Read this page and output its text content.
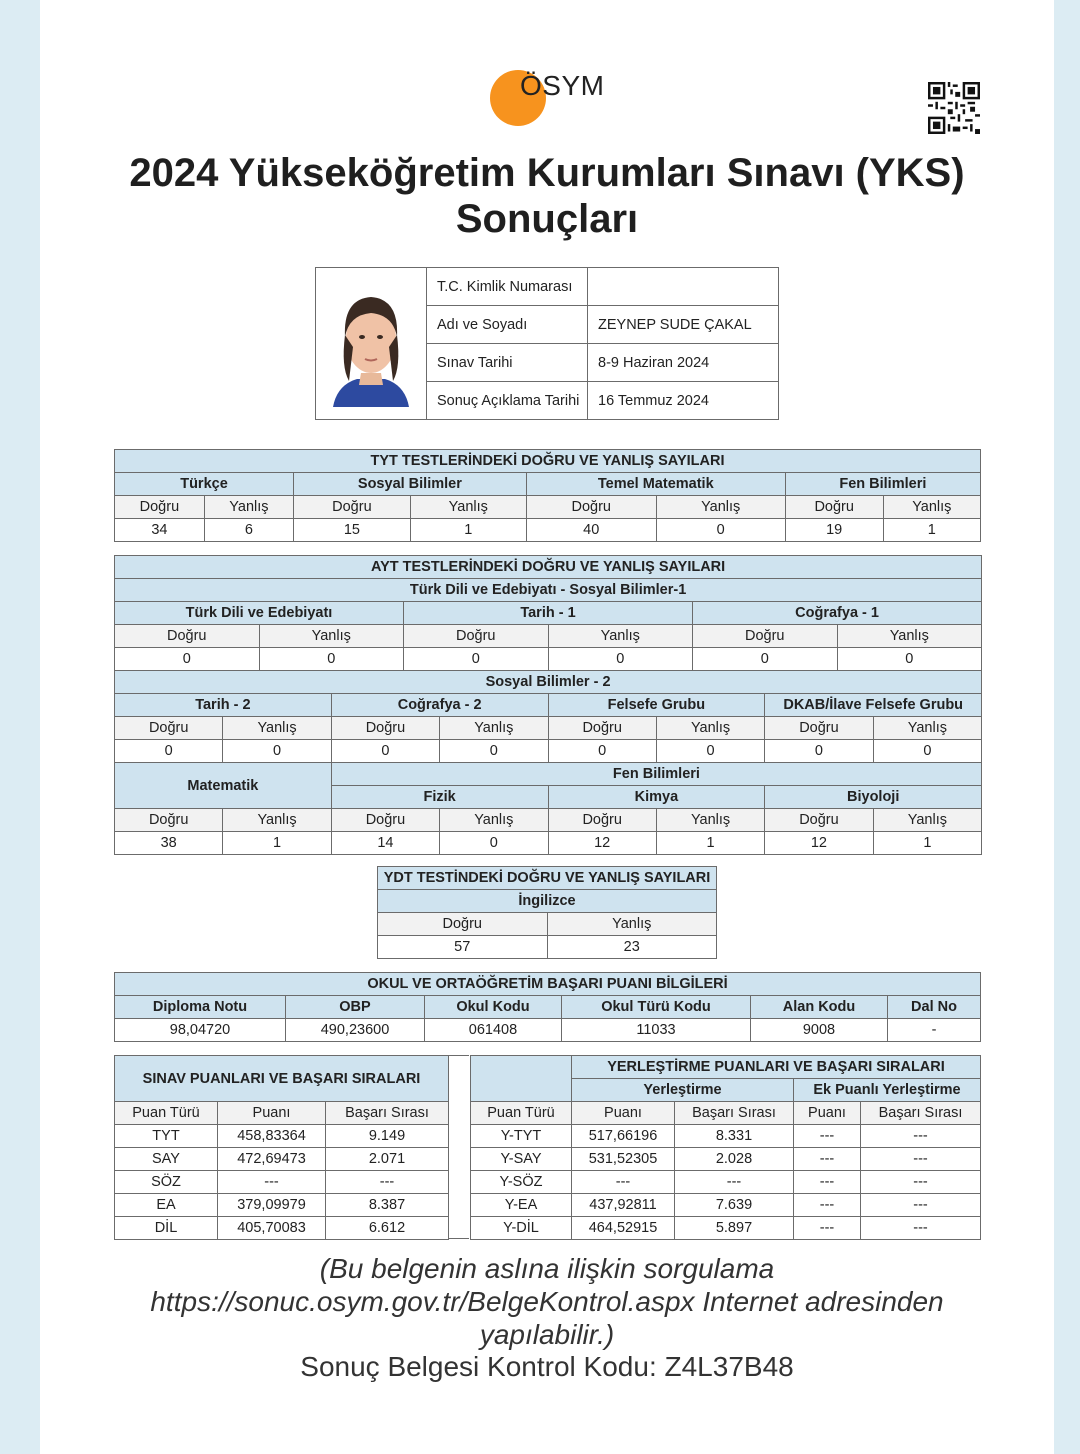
ÖSYM
2024 Yükseköğretim Kurumları Sınavı (YKS)
Sonuçları
	T.C. Kimlik Numarası	
	Adı ve Soyadı	ZEYNEP SUDE ÇAKAL
	Sınav Tarihi	8-9 Haziran 2024
	Sonuç Açıklama Tarihi	16 Temmuz 2024
TYT TESTLERİNDEKİ DOĞRU VE YANLIŞ SAYILARI							
Türkçe		Sosyal Bilimler		Temel Matematik		Fen Bilimleri	
Doğru	Yanlış	Doğru	Yanlış	Doğru	Yanlış	Doğru	Yanlış
34	6	15	1	40	0	19	1
AYT TESTLERİNDEKİ DOĞRU VE YANLIŞ SAYILARI											
Türk Dili ve Edebiyatı - Sosyal Bilimler-1											
Türk Dili ve Edebiyatı				Tarih - 1				Coğrafya - 1			
Doğru		Yanlış		Doğru		Yanlış		Doğru		Yanlış	
0		0		0		0		0		0	
Sosyal Bilimler - 2											
Tarih - 2			Coğrafya - 2			Felsefe Grubu			DKAB/İlave Felsefe Grubu		
Doğru	Yanlış		Doğru		Yanlış	Doğru	Yanlış		Doğru		Yanlış
0	0		0		0	0	0		0		0
Matematik			Fen Bilimleri								
			Fizik			Kimya			Biyoloji		
Doğru	Yanlış		Doğru		Yanlış	Doğru	Yanlış		Doğru		Yanlış
38	1		14		0	12	1		12		1
YDT TESTİNDEKİ DOĞRU VE YANLIŞ SAYILARI	
İngilizce	
Doğru	Yanlış
57	23
OKUL VE ORTAÖĞRETİM BAŞARI PUANI BİLGİLERİ					
Diploma Notu	OBP	Okul Kodu	Okul Türü Kodu	Alan Kodu	Dal No
98,04720	490,23600	061408	11033	9008	-
SINAV PUANLARI VE BAŞARI SIRALARI		
Puan Türü	Puanı	Başarı Sırası
TYT	458,83364	9.149
SAY	472,69473	2.071
SÖZ	---	---
EA	379,09979	8.387
DİL	405,70083	6.612
	YERLEŞTİRME PUANLARI VE BAŞARI SIRALARI			
	Yerleştirme		Ek Puanlı Yerleştirme	
Puan Türü	Puanı	Başarı Sırası	Puanı	Başarı Sırası
Y-TYT	517,66196	8.331	---	---
Y-SAY	531,52305	2.028	---	---
Y-SÖZ	---	---	---	---
Y-EA	437,92811	7.639	---	---
Y-DİL	464,52915	5.897	---	---
(Bu belgenin aslına ilişkin sorgulama
https://sonuc.osym.gov.tr/BelgeKontrol.aspx Internet adresinden
yapılabilir.)
Sonuç Belgesi Kontrol Kodu: Z4L37B48
